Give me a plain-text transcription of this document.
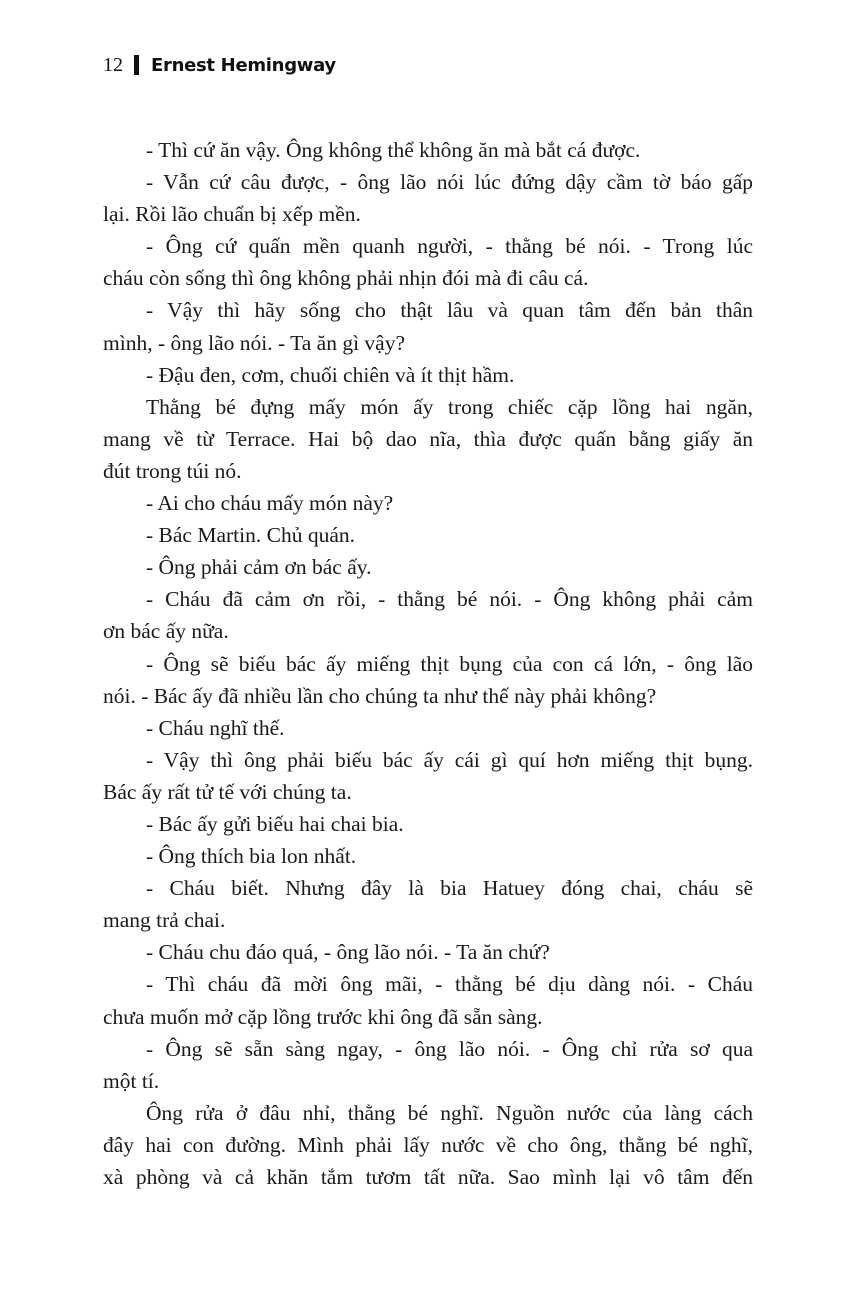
12 Ernest Hemingway
- Thì cứ ăn vậy. Ông không thể không ăn mà bắt cá được.
- Vẫn cứ câu được, - ông lão nói lúc đứng dậy cầm tờ báo gấp
lại. Rồi lão chuẩn bị xếp mền.
- Ông cứ quấn mền quanh người, - thằng bé nói. - Trong lúc
cháu còn sống thì ông không phải nhịn đói mà đi câu cá.
- Vậy thì hãy sống cho thật lâu và quan tâm đến bản thân
mình, - ông lão nói. - Ta ăn gì vậy?
- Đậu đen, cơm, chuối chiên và ít thịt hầm.
Thằng bé đựng mấy món ấy trong chiếc cặp lồng hai ngăn,
mang về từ Terrace. Hai bộ dao nĩa, thìa được quấn bằng giấy ăn
đút trong túi nó.
- Ai cho cháu mấy món này?
- Bác Martin. Chủ quán.
- Ông phải cảm ơn bác ấy.
- Cháu đã cảm ơn rồi, - thằng bé nói. - Ông không phải cảm
ơn bác ấy nữa.
- Ông sẽ biếu bác ấy miếng thịt bụng của con cá lớn, - ông lão
nói. - Bác ấy đã nhiều lần cho chúng ta như thế này phải không?
- Cháu nghĩ thế.
- Vậy thì ông phải biếu bác ấy cái gì quí hơn miếng thịt bụng.
Bác ấy rất tử tế với chúng ta.
- Bác ấy gửi biếu hai chai bia.
- Ông thích bia lon nhất.
- Cháu biết. Nhưng đây là bia Hatuey đóng chai, cháu sẽ
mang trả chai.
- Cháu chu đáo quá, - ông lão nói. - Ta ăn chứ?
- Thì cháu đã mời ông mãi, - thằng bé dịu dàng nói. - Cháu
chưa muốn mở cặp lồng trước khi ông đã sẵn sàng.
- Ông sẽ sẵn sàng ngay, - ông lão nói. - Ông chỉ rửa sơ qua
một tí.
Ông rửa ở đâu nhỉ, thằng bé nghĩ. Nguồn nước của làng cách
đây hai con đường. Mình phải lấy nước về cho ông, thằng bé nghĩ,
xà phòng và cả khăn tắm tươm tất nữa. Sao mình lại vô tâm đến
